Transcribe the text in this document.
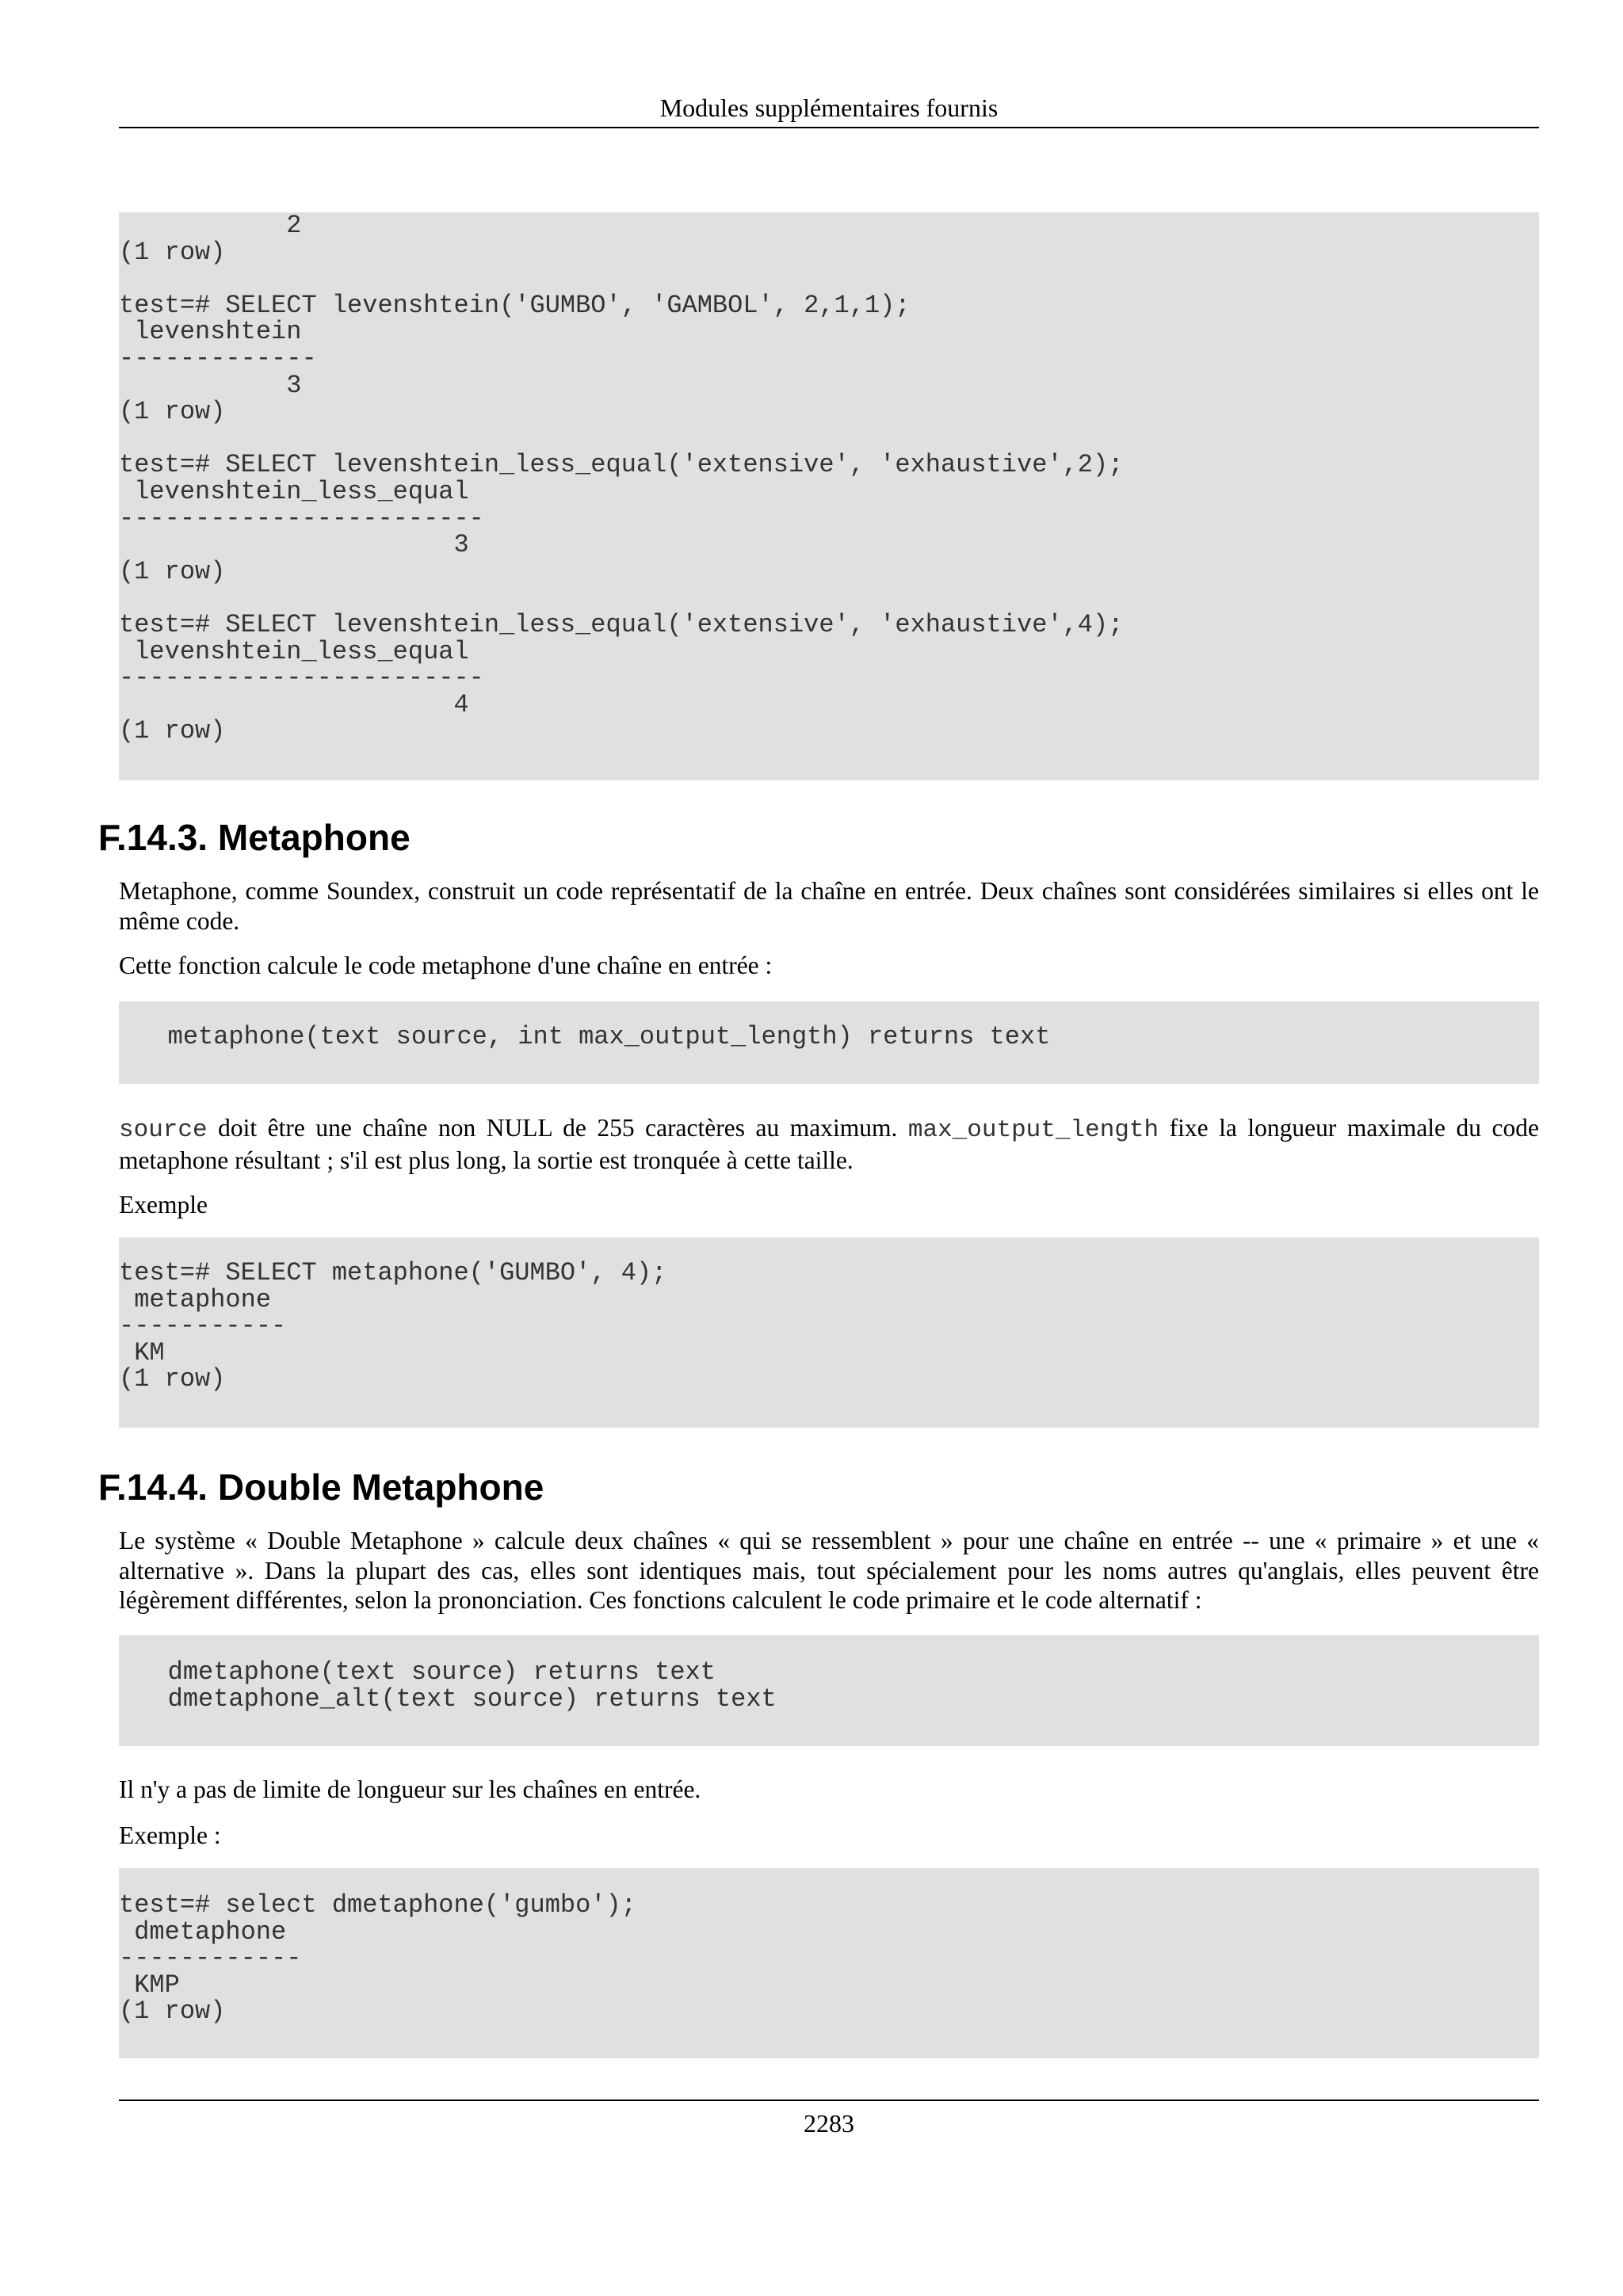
Modules supplémentaires fournis
2
(1 row)

test=# SELECT levenshtein('GUMBO', 'GAMBOL', 2,1,1);
levenshtein
-------------
3
(1 row)

test=# SELECT levenshtein_less_equal('extensive', 'exhaustive',2);
levenshtein_less_equal
------------------------
3
(1 row)

test=# SELECT levenshtein_less_equal('extensive', 'exhaustive',4);
levenshtein_less_equal
------------------------
4
(1 row)
F.14.3. Metaphone

Metaphone, comme Soundex, construit un code représentatif de la chaîne en entrée. Deux chaînes sont considérées similaires si elles ont le même code.

Cette fonction calcule le code metaphone d'une chaîne en entrée :

metaphone(text source, int max_output_length) returns text

source doit être une chaîne non NULL de 255 caractères au maximum. max_output_length fixe la longueur maximale du code metaphone résultant ; s'il est plus long, la sortie est tronquée à cette taille.

Exemple

test=# SELECT metaphone('GUMBO', 4);
metaphone
-----------
KM
(1 row)
F.14.4. Double Metaphone

Le système « Double Metaphone » calcule deux chaînes « qui se ressemblent » pour une chaîne en entrée -- une « primaire » et une « alternative ». Dans la plupart des cas, elles sont identiques mais, tout spécialement pour les noms autres qu'anglais, elles peuvent être légèrement différentes, selon la prononciation. Ces fonctions calculent le code primaire et le code alternatif :

dmetaphone(text source) returns text
dmetaphone_alt(text source) returns text

Il n'y a pas de limite de longueur sur les chaînes en entrée.

Exemple :

test=# select dmetaphone('gumbo');
dmetaphone
------------
KMP
(1 row)
2283
